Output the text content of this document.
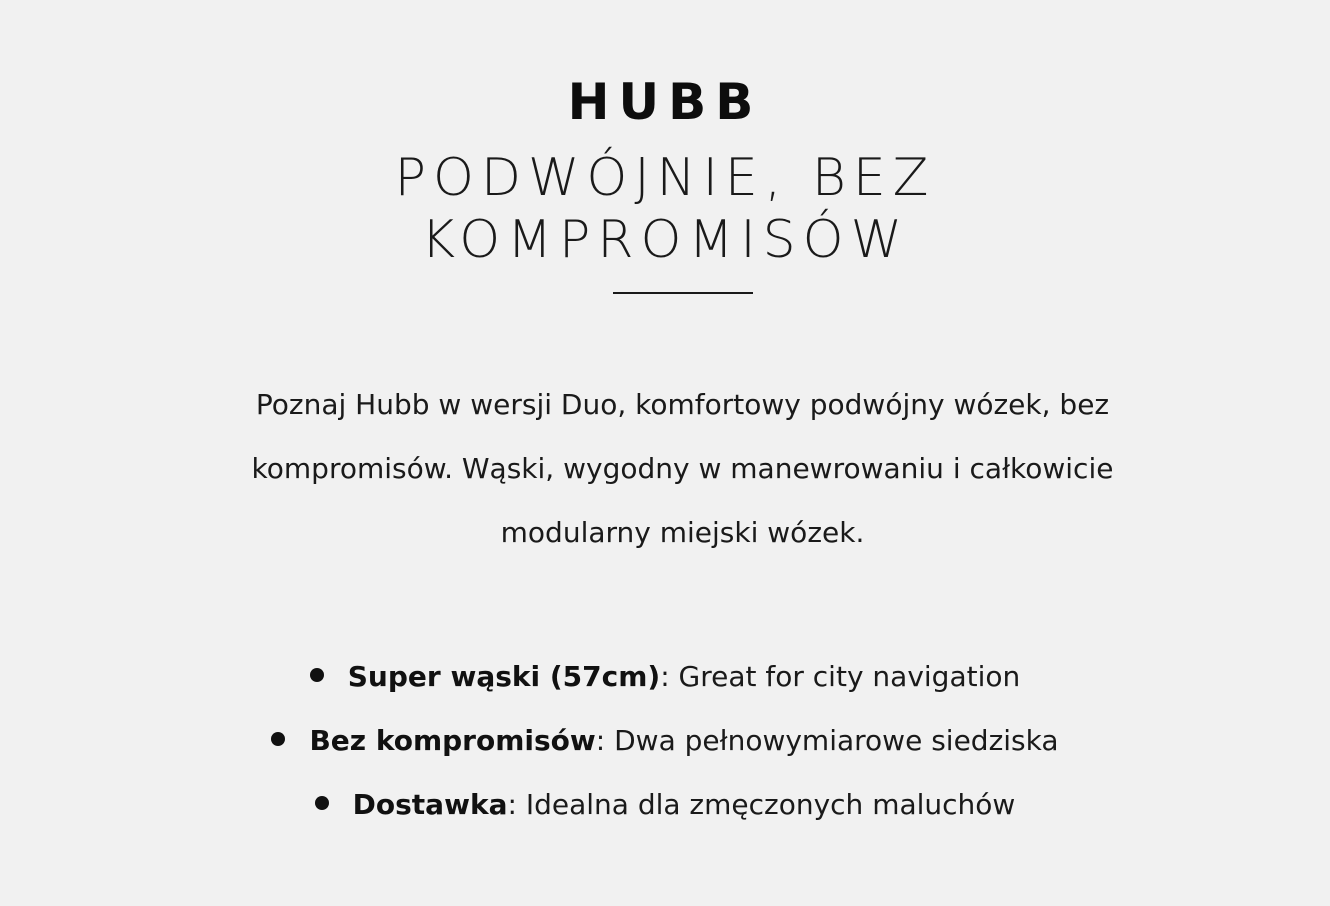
HUBB
PODWÓJNIE, BEZ KOMPROMISÓW

Poznaj Hubb w wersji Duo, komfortowy podwójny wózek, bez kompromisów. Wąski, wygodny w manewrowaniu i całkowicie modularny miejski wózek.

Super wąski (57cm): Great for city navigation
Bez kompromisów: Dwa pełnowymiarowe siedziska
Dostawka: Idealna dla zmęczonych maluchów
